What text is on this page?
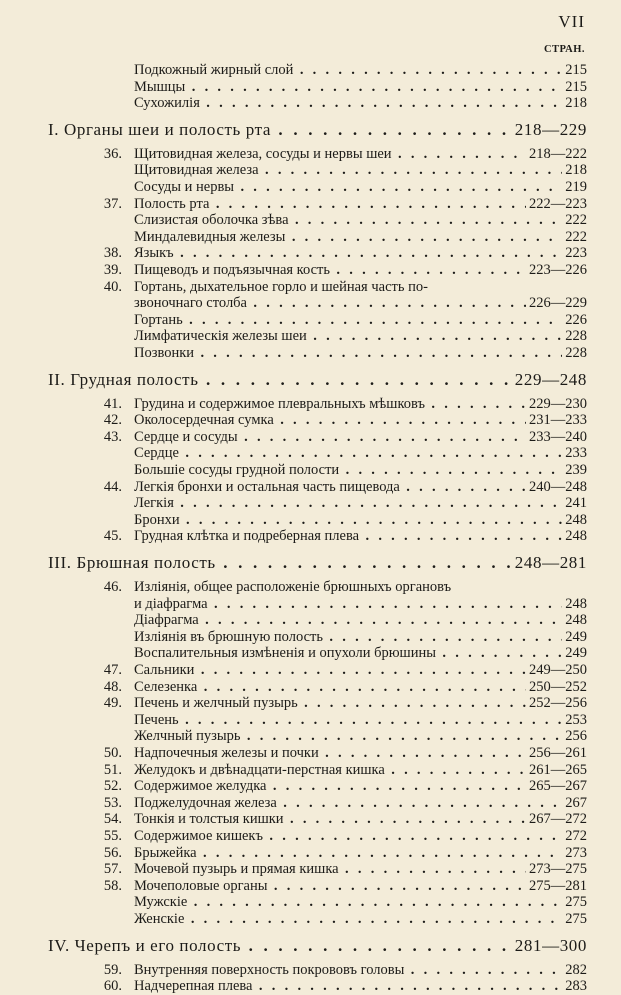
VII
СТРАН.
Подкожный жирный слой . . .	215
Мышцы . . .	215
Сухожилія . . .	218
I. Органы шеи и полость рта . . .	218—229
36. Щитовидная железа, сосуды и нервы шеи . . .	218—222
Щитовидная железа . . .	218
Сосуды и нервы . . .	219
37. Полость рта . . .	222—223
Слизистая оболочка зѣва . . .	222
Миндалевидныя железы . . .	222
38. Языкъ . . .	223
39. Пищеводъ и подъязычная кость . . .	223—226
40. Гортань, дыхательное горло и шейная часть по-
звоночнаго столба . . .	226—229
Гортань . . .	226
Лимфатическія железы шеи . . .	228
Позвонки . . .	228
II. Грудная полость . . .	229—248
41. Грудина и содержимое плевральныхъ мѣшковъ . . .	229—230
42. Околосердечная сумка . . .	231—233
43. Сердце и сосуды . . .	233—240
Сердце . . .	233
Большіе сосуды грудной полости . . .	239
44. Легкія бронхи и остальная часть пищевода . . .	240—248
Легкія . . .	241
Бронхи . . .	248
45. Грудная клѣтка и подреберная плева . . .	248
III. Брюшная полость . . .	248—281
46. Изліянія, общее расположеніе брюшныхъ органовъ
и діафрагма . . .	248
Діафрагма . . .	248
Изліянія въ брюшную полость . . .	249
Воспалительныя измѣненія и опухоли брюшины . . .	249
47. Сальники . . .	249—250
48. Селезенка . . .	250—252
49. Печень и желчный пузырь . . .	252—256
Печень . . .	253
Желчный пузырь . . .	256
50. Надпочечныя железы и почки . . .	256—261
51. Желудокъ и двѣнадцати-перстная кишка . . .	261—265
52. Содержимое желудка . . .	265—267
53. Поджелудочная железа . . .	267
54. Тонкія и толстыя кишки . . .	267—272
55. Содержимое кишекъ . . .	272
56. Брыжейка . . .	273
57. Мочевой пузырь и прямая кишка . . .	273—275
58. Мочеполовые органы . . .	275—281
Мужскіе . . .	275
Женскіе . . .	275
IV. Черепъ и его полость . . .	281—300
59. Внутренняя поверхность покрововъ головы . . .	282
60. Надчерепная плева . . .	283
